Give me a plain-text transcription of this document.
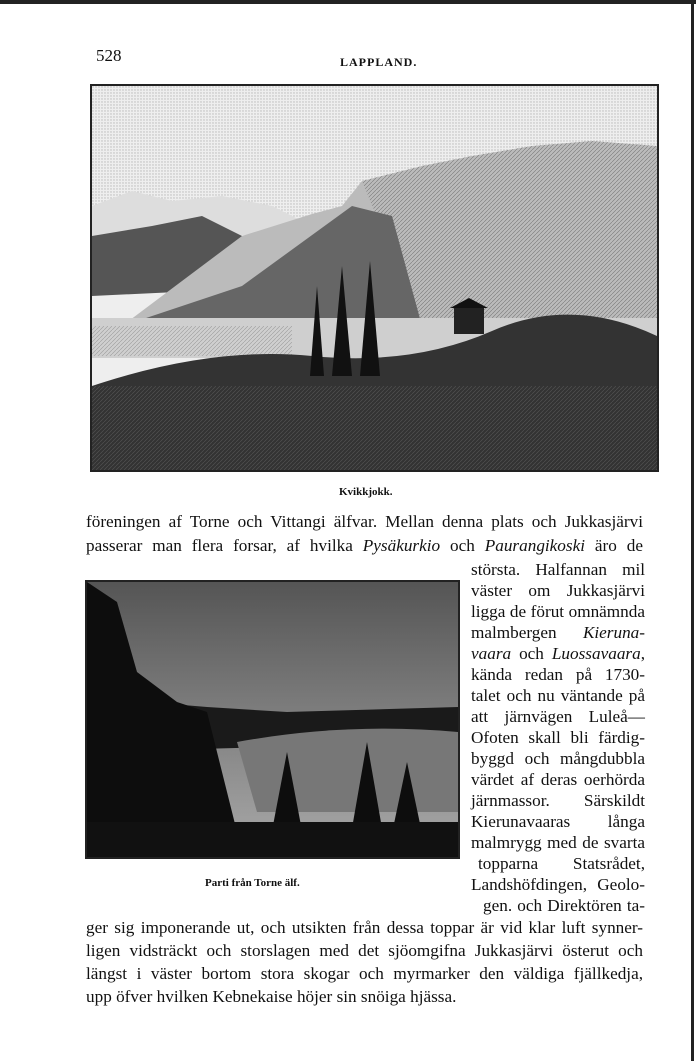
528	LAPPLAND.
Kvikkjokk.
föreningen af Torne och Vittangi älfvar. Mellan denna plats och Jukkasjärvi
passerar man flera forsar, af hvilka Pysäkurkio och Paurangikoski äro de
Parti från Torne älf.
största. Halfannan mil
väster om Jukkasjärvi
ligga de förut omnämnda
malmbergen Kieruna-
vaara och Luossavaara,
kända redan på 1730-
talet och nu väntande på
att järnvägen Luleå—
Ofoten skall bli färdig-
byggd och mångdubbla
värdet af deras oerhörda
järnmassor. Särskildt
Kierunavaaras långa
malmrygg med de svarta
topparna Statsrådet,
Landshöfdingen, Geolo-
gen. och Direktören ta-
ger sig imponerande ut, och utsikten från dessa toppar är vid klar luft synner-
ligen vidsträckt och storslagen med det sjöomgifna Jukkasjärvi österut och
längst i väster bortom stora skogar och myrmarker den väldiga fjällkedja,
upp öfver hvilken Kebnekaise höjer sin snöiga hjässa.
